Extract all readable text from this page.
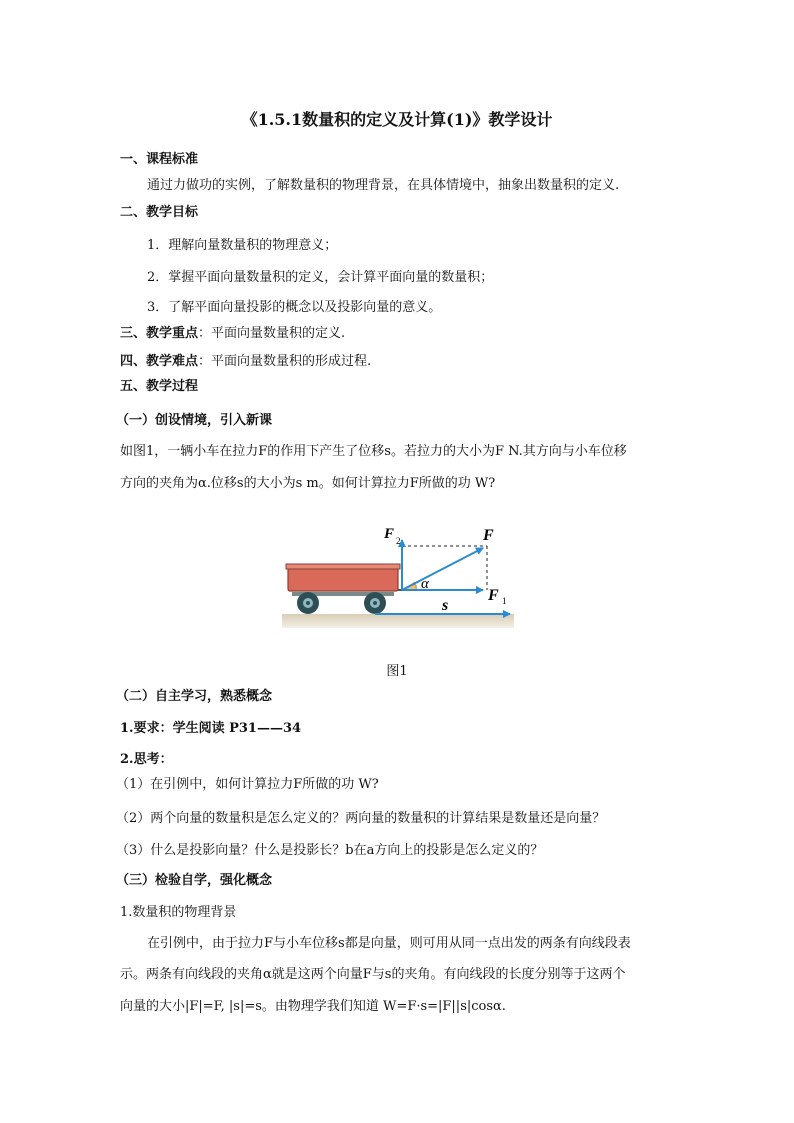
《1.5.1数量积的定义及计算(1)》教学设计
一、课程标准
通过力做功的实例，了解数量积的物理背景，在具体情境中，抽象出数量积的定义.
二、教学目标
1．理解向量数量积的物理意义；
2．掌握平面向量数量积的定义，会计算平面向量的数量积；
3．了解平面向量投影的概念以及投影向量的意义。
三、教学重点：平面向量数量积的定义.
四、教学难点：平面向量数量积的形成过程.
五、教学过程
（一）创设情境，引入新课
如图1，一辆小车在拉力F的作用下产生了位移s。若拉力的大小为F N.其方向与小车位移
方向的夹角为α.位移s的大小为s m。如何计算拉力F所做的功 W?
F 2	F
F 1
α
s
图1
（二）自主学习，熟悉概念
1.要求：学生阅读 P31——34
2.思考：
（1）在引例中，如何计算拉力F所做的功 W?
（2）两个向量的数量积是怎么定义的？两向量的数量积的计算结果是数量还是向量？
（3）什么是投影向量？什么是投影长？b在a方向上的投影是怎么定义的？
（三）检验自学，强化概念
1.数量积的物理背景
在引例中，由于拉力F与小车位移s都是向量，则可用从同一点出发的两条有向线段表
示。两条有向线段的夹角α就是这两个向量F与s的夹角。有向线段的长度分别等于这两个
向量的大小|F|=F, |s|=s。由物理学我们知道 W=F·s=|F||s|cosα.
